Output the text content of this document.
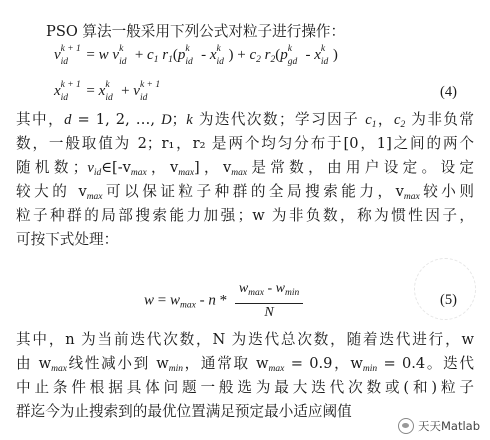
PSO 算法一般采用下列公式对粒子进行操作：
v k + 1
id = w v k
id + $c_1$ $r_1(p$ k
id - x k
id ) + $c_2$ $r_2(p$ k
gd - x k
id )
x k + 1
id = x k
id + v k + 1
id	(4)
其中，d = 1, 2, …, D；k 为迭代次数；学习因子 $c_1$，$c_2$ 为非负常
数，一般取值为 2；r₁，r₂ 是两个均匀分布于[0，1]之间的两个
随机数；$v_{id}\in[-v_{max}$，$v_{max}$]，$v_{max}$是常数，由用户设定。设定
较大的 $v_{max}$可以保证粒子种群的全局搜索能力，$v_{max}$较小则
粒子种群的局部搜索能力加强；w 为非负数，称为惯性因子，
可按下式处理：
$w = w_{max} - n * \frac{w_{max} - w_{min}}{N}$	(5)
其中，n 为当前迭代次数，N 为迭代总次数，随着迭代进行，w
由 $w_{max}$线性减小到 $w_{min}$，通常取 $w_{max} = 0.9$，$w_{min} = 0.4$。迭代
中止条件根据具体问题一般选为最大迭代次数或(和)粒子
群迄今为止搜索到的最优位置满足预定最小适应阈值
天天Matlab
